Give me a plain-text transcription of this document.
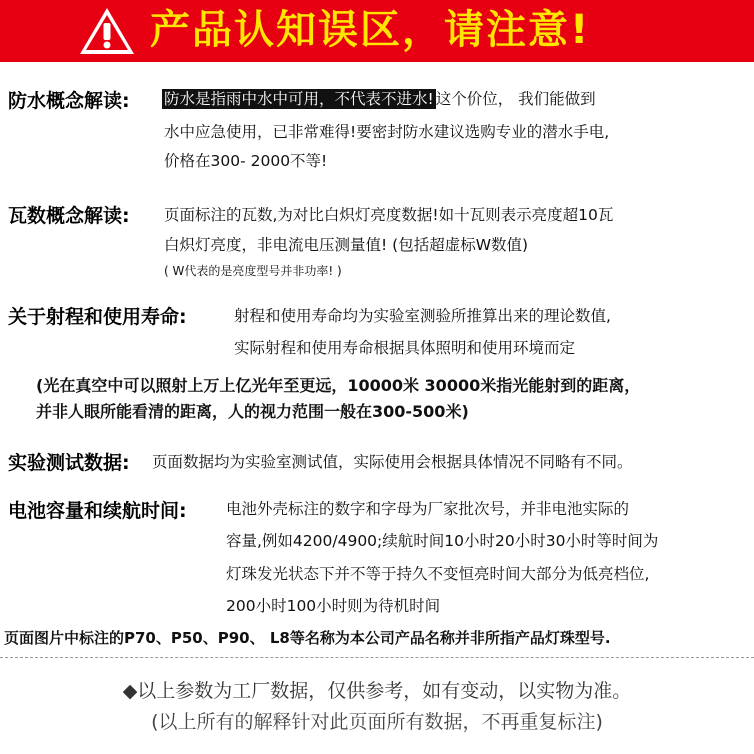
产品认知误区，请注意!
防水概念解读: 防水是指雨中水中可用，不代表不进水! 这个价位， 我们能做到
水中应急使用，已非常难得!要密封防水建议选购专业的潜水手电,
价格在300- 2000不等!
瓦数概念解读: 页面标注的瓦数,为对比白炽灯亮度数据!如十瓦则表示亮度超10瓦
白炽灯亮度，非电流电压测量值! (包括超虚标W数值)
( W代表的是亮度型号并非功率! )
关于射程和使用寿命:	射程和使用寿命均为实验室测验所推算出来的理论数值,
实际射程和使用寿命根据具体照明和使用环境而定
(光在真空中可以照射上万上亿光年至更远，10000米 30000米指光能射到的距离，
并非人眼所能看清的距离，人的视力范围一般在300-500米)
实验测试数据: 页面数据均为实验室测试值，实际使用会根据具体情况不同略有不同。
电池容量和续航时间:	电池外壳标注的数字和字母为厂家批次号，并非电池实际的
容量,例如4200/4900;续航时间10小时20小时30小时等时间为
灯珠发光状态下并不等于持久不变恒亮时间大部分为低亮档位,
200小时100小时则为待机时间
页面图片中标注的P70、P50、P90、 L8等名称为本公司产品名称并非所指产品灯珠型号.
◆以上参数为工厂数据，仅供参考，如有变动，以实物为准。
(以上所有的解释针对此页面所有数据，不再重复标注)
